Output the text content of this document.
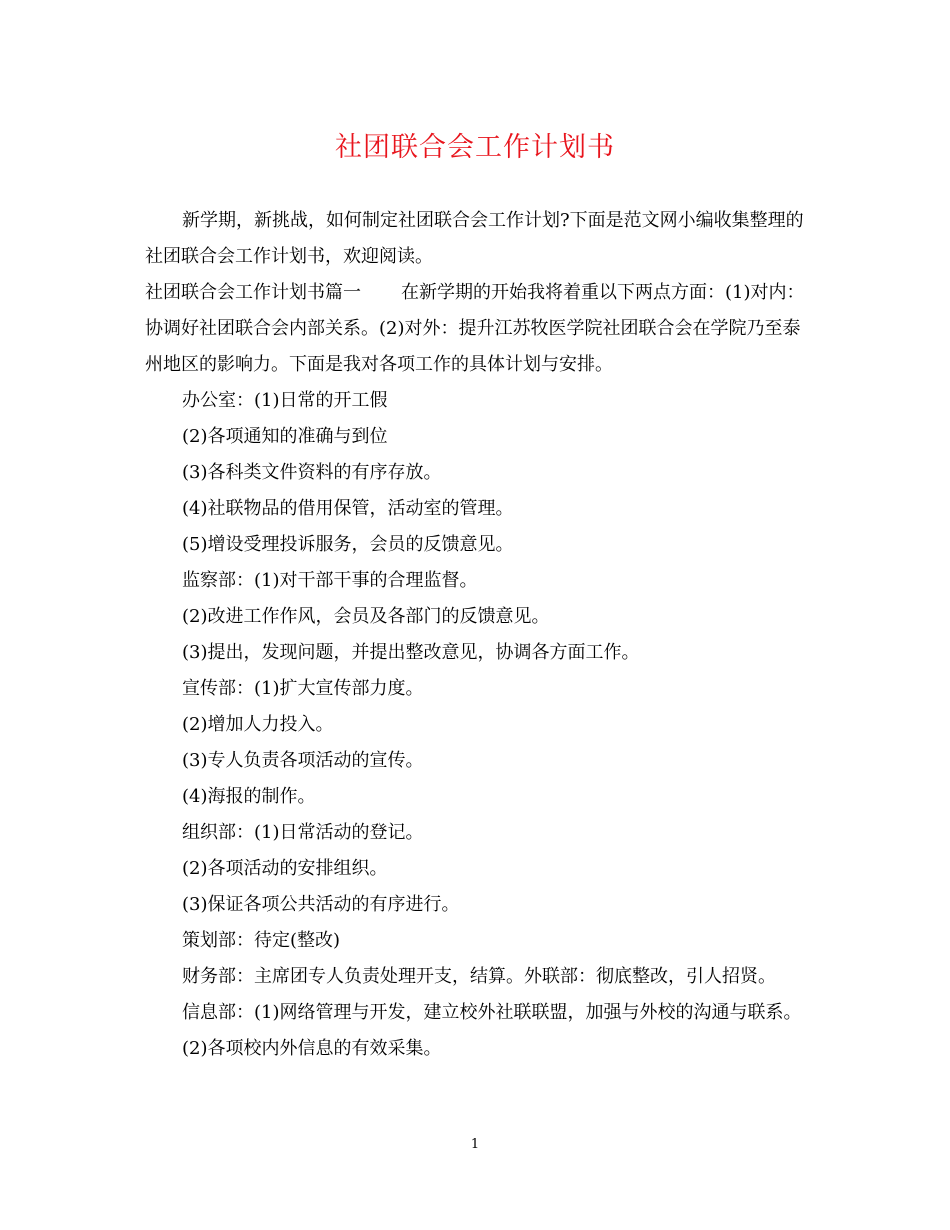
社团联合会工作计划书

新学期，新挑战，如何制定社团联合会工作计划?下面是范文网小编收集整理的社团联合会工作计划书，欢迎阅读。

社团联合会工作计划书篇一 在新学期的开始我将着重以下两点方面：(1)对内：协调好社团联合会内部关系。(2)对外：提升江苏牧医学院社团联合会在学院乃至泰州地区的影响力。下面是我对各项工作的具体计划与安排。

办公室：(1)日常的开工假

(2)各项通知的准确与到位

(3)各科类文件资料的有序存放。

(4)社联物品的借用保管，活动室的管理。

(5)增设受理投诉服务，会员的反馈意见。

监察部：(1)对干部干事的合理监督。

(2)改进工作作风，会员及各部门的反馈意见。

(3)提出，发现问题，并提出整改意见，协调各方面工作。

宣传部：(1)扩大宣传部力度。

(2)增加人力投入。

(3)专人负责各项活动的宣传。

(4)海报的制作。

组织部：(1)日常活动的登记。

(2)各项活动的安排组织。

(3)保证各项公共活动的有序进行。

策划部：待定(整改)

财务部：主席团专人负责处理开支，结算。外联部：彻底整改，引人招贤。

信息部：(1)网络管理与开发，建立校外社联联盟，加强与外校的沟通与联系。

(2)各项校内外信息的有效采集。

1
